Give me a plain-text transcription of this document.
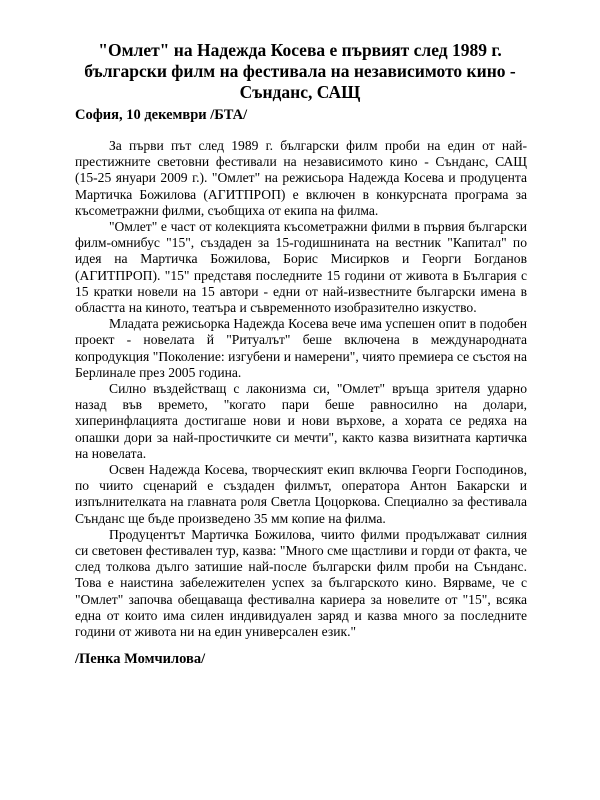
"Омлет" на Надежда Косева е първият след 1989 г. български филм на фестивала на независимото кино - Сънданс, САЩ

София, 10 декември /БТА/

За първи път след 1989 г. български филм проби на един от най-престижните световни фестивали на независимото кино - Сънданс, САЩ (15-25 януари 2009 г.). "Омлет" на режисьора Надежда Косева и продуцента Мартичка Божилова (АГИТПРОП) е включен в конкурсната програма за късометражни филми, съобщиха от екипа на филма.

"Омлет" е част от колекцията късометражни филми в първия български филм-омнибус "15", създаден за 15-годишнината на вестник "Капитал" по идея на Мартичка Божилова, Борис Мисирков и Георги Богданов (АГИТПРОП). "15" представя последните 15 години от живота в България с 15 кратки новели на 15 автори - едни от най-известните български имена в областта на киното, театъра и съвременното изобразително изкуство.

Младата режисьорка Надежда Косева вече има успешен опит в подобен проект - новелата й "Ритуалът" беше включена в международната копродукция "Поколение: изгубени и намерени", чиято премиера се състоя на Берлинале през 2005 година.

Силно въздействащ с лаконизма си, "Омлет" връща зрителя ударно назад във времето, "когато пари беше равносилно на долари, хиперинфлацията достигаше нови и нови върхове, а хората се редяха на опашки дори за най-простичките си мечти", както казва визитната картичка на новелата.

Освен Надежда Косева, творческият екип включва Георги Господинов, по чиито сценарий е създаден филмът, оператора Антон Бакарски и изпълнителката на главната роля Светла Цоцоркова. Специално за фестивала Сънданс ще бъде произведено 35 мм копие на филма.

Продуцентът Мартичка Божилова, чиито филми продължават силния си световен фестивален тур, казва: "Много сме щастливи и горди от факта, че след толкова дълго затишие най-после български филм проби на Сънданс. Това е наистина забележителен успех за българското кино. Вярваме, че с "Омлет" започва обещаваща фестивална кариера за новелите от "15", всяка една от които има силен индивидуален заряд и казва много за последните години от живота ни на един универсален език."

/Пенка Момчилова/
